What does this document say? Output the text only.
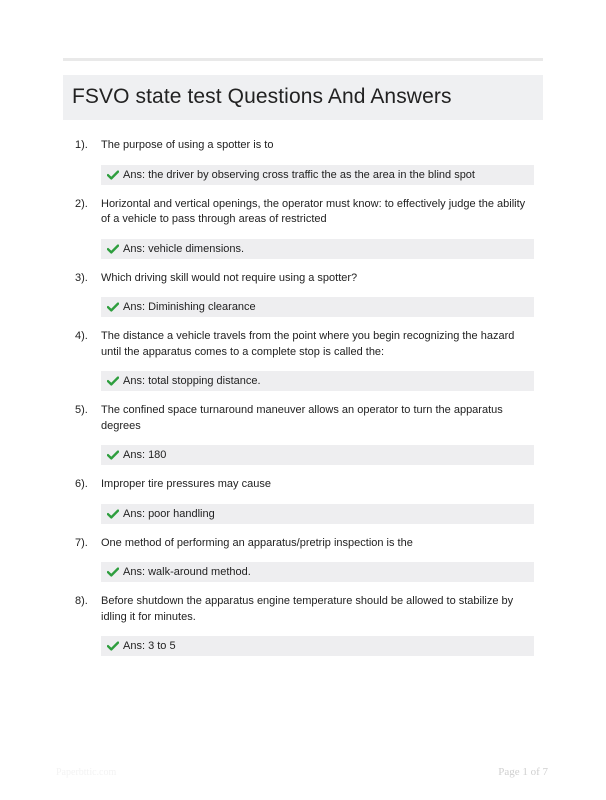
FSVO state test Questions And Answers
1).	The purpose of using a spotter is to
Ans: the driver by observing cross traffic the as the area in the blind spot
2).	Horizontal and vertical openings, the operator must know: to effectively judge the ability of a vehicle to pass through areas of restricted
Ans: vehicle dimensions.
3).	Which driving skill would not require using a spotter?
Ans: Diminishing clearance
4).	The distance a vehicle travels from the point where you begin recognizing the hazard until the apparatus comes to a complete stop is called the:
Ans: total stopping distance.
5).	The confined space turnaround maneuver allows an operator to turn the apparatus degrees
Ans: 180
6).	Improper tire pressures may cause
Ans: poor handling
7).	One method of performing an apparatus/pretrip inspection is the
Ans: walk-around method.
8).	Before shutdown the apparatus engine temperature should be allowed to stabilize by idling it for minutes.
Ans: 3 to 5
Paperbttic.com	Page 1 of 7
